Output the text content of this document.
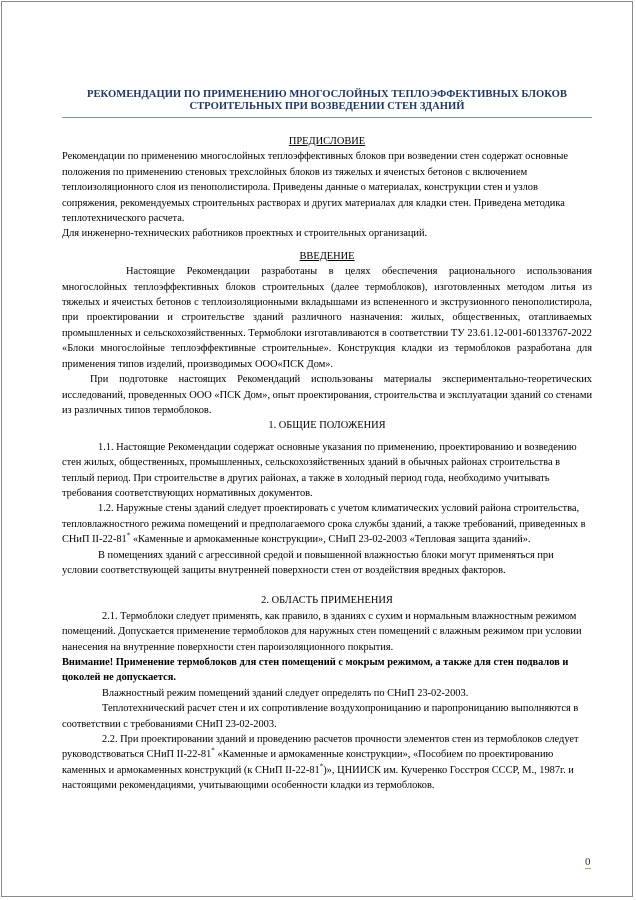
РЕКОМЕНДАЦИИ ПО ПРИМЕНЕНИЮ МНОГОСЛОЙНЫХ ТЕПЛОЭФФЕКТИВНЫХ БЛОКОВ СТРОИТЕЛЬНЫХ ПРИ ВОЗВЕДЕНИИ СТЕН ЗДАНИЙ

ПРЕДИСЛОВИЕ

Рекомендации по применению многослойных теплоэффективных блоков при возведении стен содержат основные положения по применению стеновых трехслойных блоков из тяжелых и ячеистых бетонов с включением теплоизоляционного слоя из пенополистирола. Приведены данные о материалах, конструкции стен и узлов сопряжения, рекомендуемых строительных растворах и других материалах для кладки стен. Приведена методика теплотехнического расчета.

Для инженерно-технических работников проектных и строительных организаций.

ВВЕДЕНИЕ

Настоящие Рекомендации разработаны в целях обеспечения рационального использования многослойных теплоэффективных блоков строительных (далее термоблоков), изготовленных методом литья из тяжелых и ячеистых бетонов с теплоизоляционными вкладышами из вспененного и экструзионного пенополистирола, при проектировании и строительстве зданий различного назначения: жилых, общественных, отапливаемых промышленных и сельскохозяйственных. Термоблоки изготавливаются в соответствии ТУ 23.61.12-001-60133767-2022 «Блоки многослойные теплоэффективные строительные». Конструкция кладки из термоблоков разработана для применения типов изделий, производимых ООО«ПСК Дом».

При подготовке настоящих Рекомендаций использованы материалы экспериментально-теоретических исследований, проведенных ООО «ПСК Дом», опыт проектирования, строительства и эксплуатации зданий со стенами из различных типов термоблоков.

1. ОБЩИЕ ПОЛОЖЕНИЯ

1.1. Настоящие Рекомендации содержат основные указания по применению, проектированию и возведению стен жилых, общественных, промышленных, сельскохозяйственных зданий в обычных районах строительства в теплый период. При строительстве в других районах, а также в холодный период года, необходимо учитывать требования соответствующих нормативных документов.

1.2. Наружные стены зданий следует проектировать с учетом климатических условий района строительства, тепловлажностного режима помещений и предполагаемого срока службы зданий, а также требований, приведенных в СНиП II-22-81* «Каменные и армокаменные конструкции», СНиП 23-02-2003 «Тепловая защита зданий».

В помещениях зданий с агрессивной средой и повышенной влажностью блоки могут применяться при условии соответствующей защиты внутренней поверхности стен от воздействия вредных факторов.

2. ОБЛАСТЬ ПРИМЕНЕНИЯ

2.1. Термоблоки следует применять, как правило, в зданиях с сухим и нормальным влажностным режимом помещений. Допускается применение термоблоков для наружных стен помещений с влажным режимом при условии нанесения на внутренние поверхности стен пароизоляционного покрытия.

Внимание! Применение термоблоков для стен помещений с мокрым режимом, а также для стен подвалов и цоколей не допускается.

Влажностный режим помещений зданий следует определять по СНиП 23-02-2003.

Теплотехнический расчет стен и их сопротивление воздухопроницанию и паропроницанию выполняются в соответствии с требованиями СНиП 23-02-2003.

2.2. При проектировании зданий и проведению расчетов прочности элементов стен из термоблоков следует руководствоваться СНиП II-22-81* «Каменные и армокаменные конструкции», «Пособием по проектированию каменных и армокаменных конструкций (к СНиП II-22-81*)», ЦНИИСК им. Кучеренко Госстроя СССР, М., 1987г. и настоящими рекомендациями, учитывающими особенности кладки из термоблоков.

0
